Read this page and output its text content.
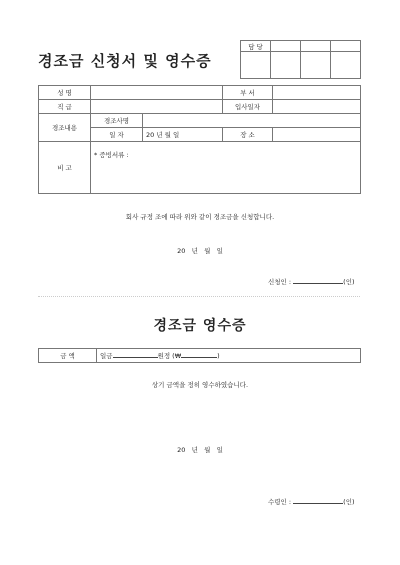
경조금 신청서 및 영수증
담 당			

성 명			부 서	
직 급			입사일자	
경조내용	경조사명			
	일 자	20 년 월 일	장 소	
비 고	* 증빙서류 :			
회사 규정 조에 따라 위와 같이 경조금을 신청합니다.
20   년   월   일
신청인 :	(인)
경조금 영수증
금 액	일금	원정 (₩	)
상기 금액을 정히 영수하였습니다.
20   년   월   일
수령인 :	(인)
